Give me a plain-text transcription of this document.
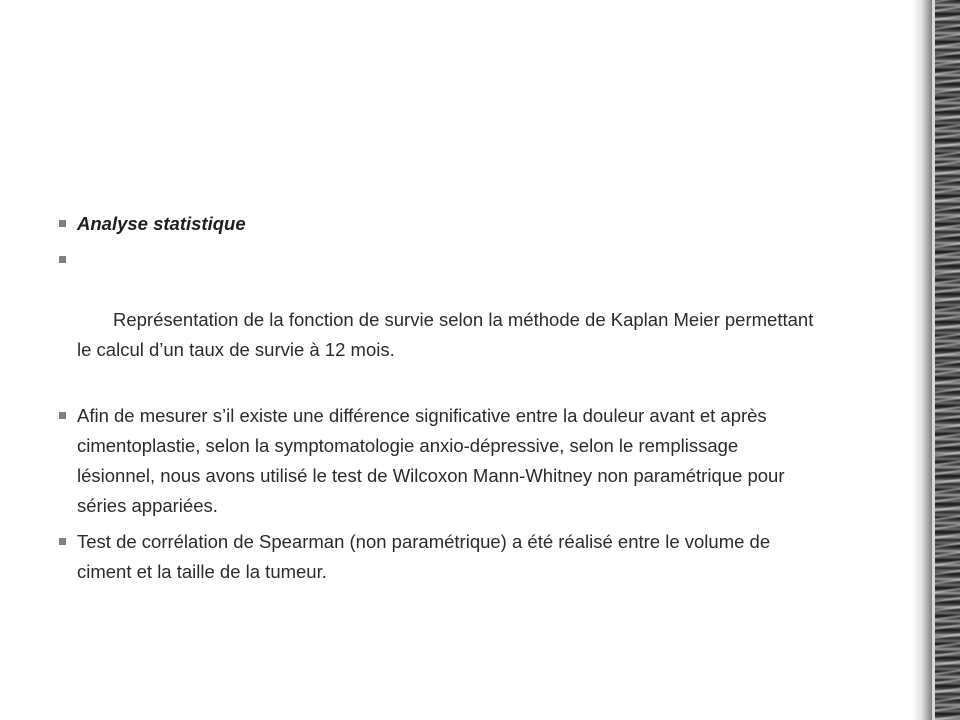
Analyse statistique

Représentation de la fonction de survie selon la méthode de Kaplan Meier permettant le calcul d’un taux de survie à 12 mois.

Afin de mesurer s’il existe une différence significative entre la douleur avant et après cimentoplastie, selon la symptomatologie anxio-dépressive, selon le remplissage lésionnel, nous avons utilisé le test de Wilcoxon Mann-Whitney non paramétrique pour séries appariées.
Test de corrélation de Spearman (non paramétrique) a été réalisé entre le volume de ciment et la taille de la tumeur.
